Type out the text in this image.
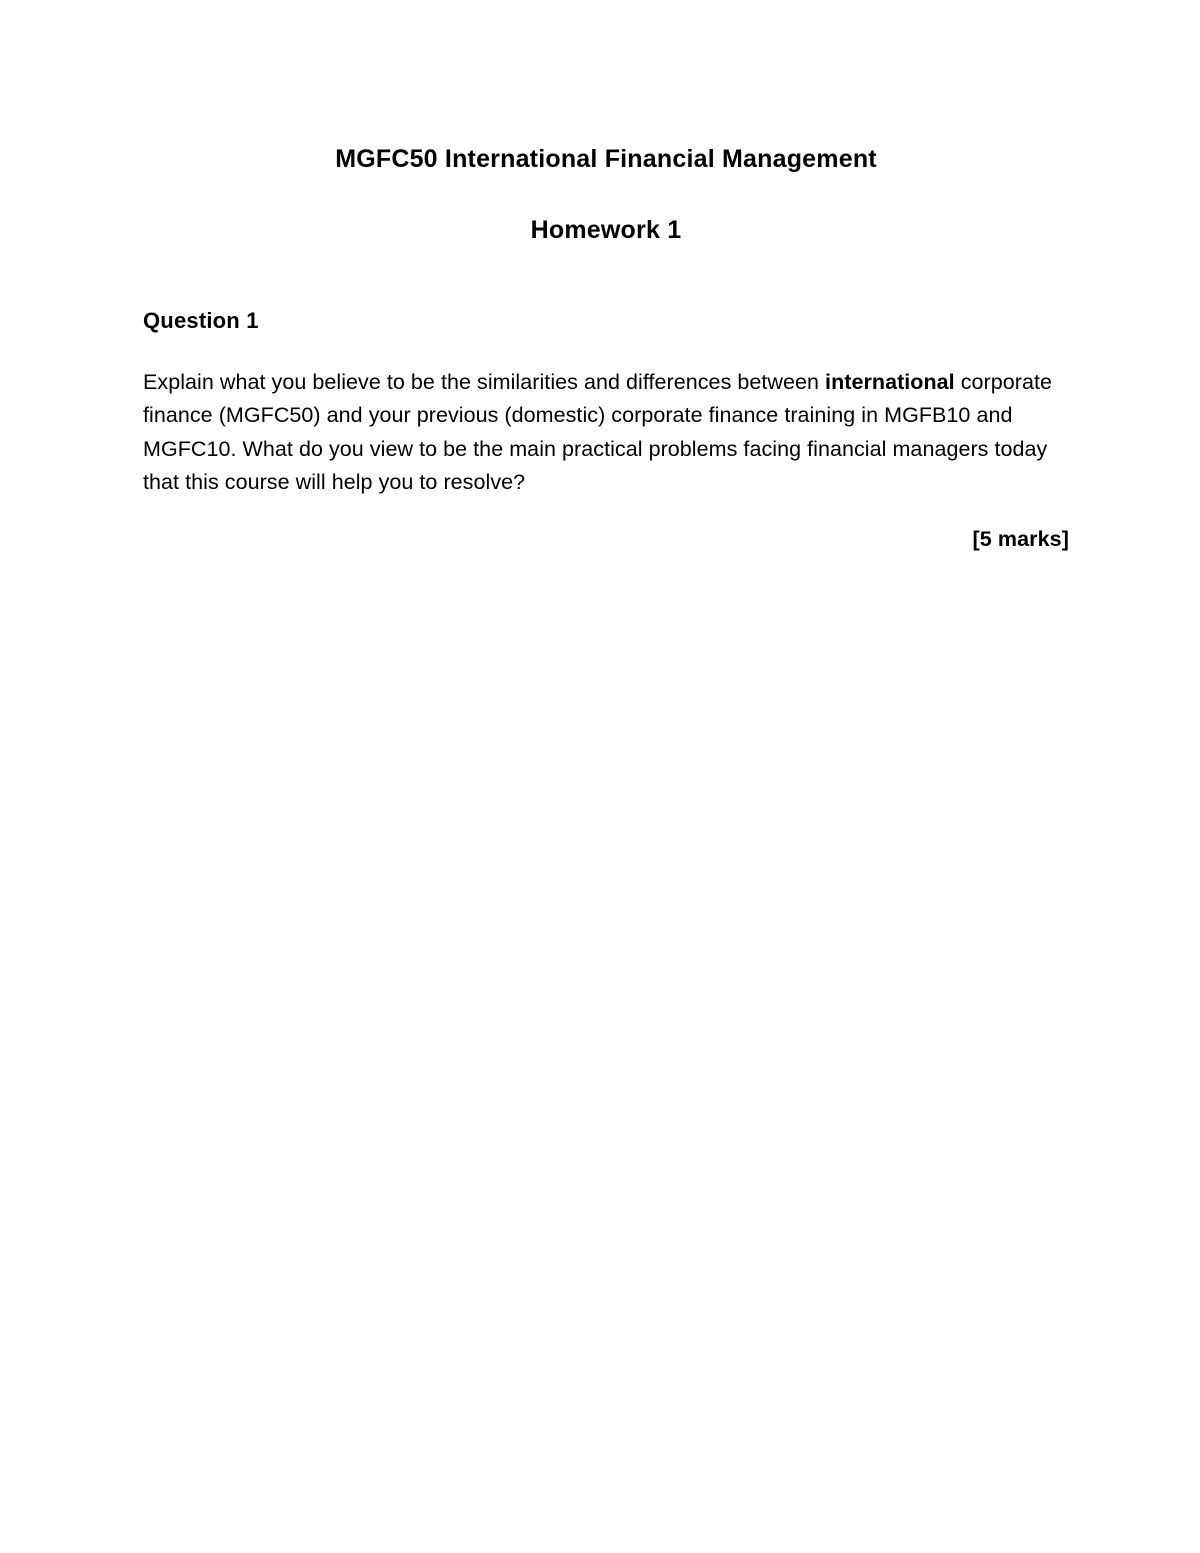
MGFC50 International Financial Management
Homework 1
Question 1

Explain what you believe to be the similarities and differences between international corporate finance (MGFC50) and your previous (domestic) corporate finance training in MGFB10 and MGFC10. What do you view to be the main practical problems facing financial managers today that this course will help you to resolve?

[5 marks]
